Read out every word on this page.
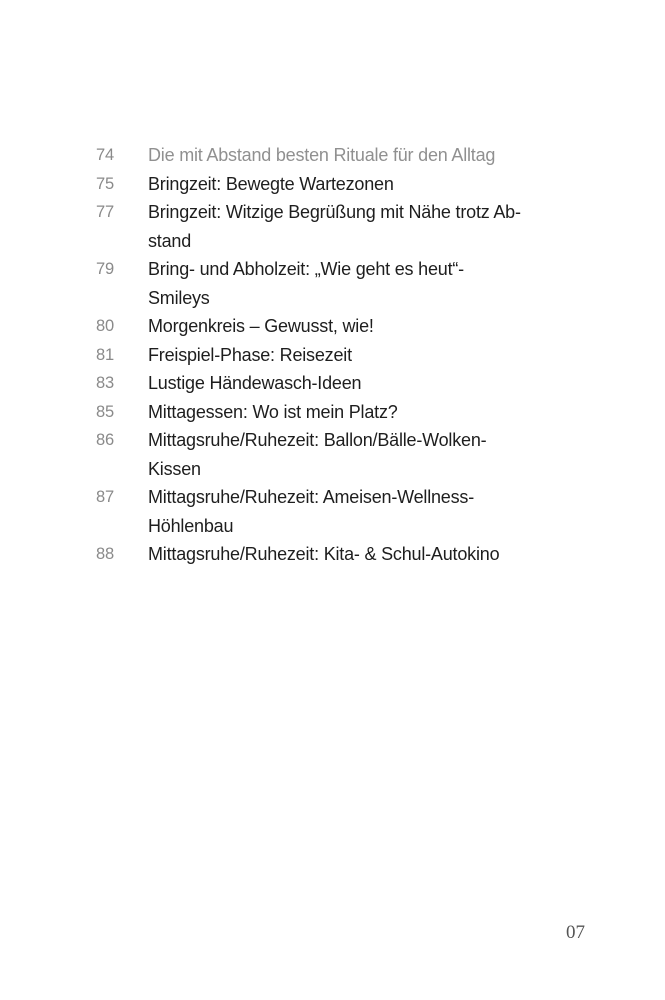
74	Die mit Abstand besten Rituale für den Alltag
75	Bringzeit: Bewegte Wartezonen
77	Bringzeit: Witzige Begrüßung mit Nähe trotz Ab-
stand
79	Bring- und Abholzeit: „Wie geht es heut“-
Smileys
80	Morgenkreis – Gewusst, wie!
81	Freispiel-Phase: Reisezeit
83	Lustige Händewasch-Ideen
85	Mittagessen: Wo ist mein Platz?
86	Mittagsruhe/Ruhezeit: Ballon/Bälle-Wolken-
Kissen
87	Mittagsruhe/Ruhezeit: Ameisen-Wellness-
Höhlenbau
88	Mittagsruhe/Ruhezeit: Kita- & Schul-Autokino
07
